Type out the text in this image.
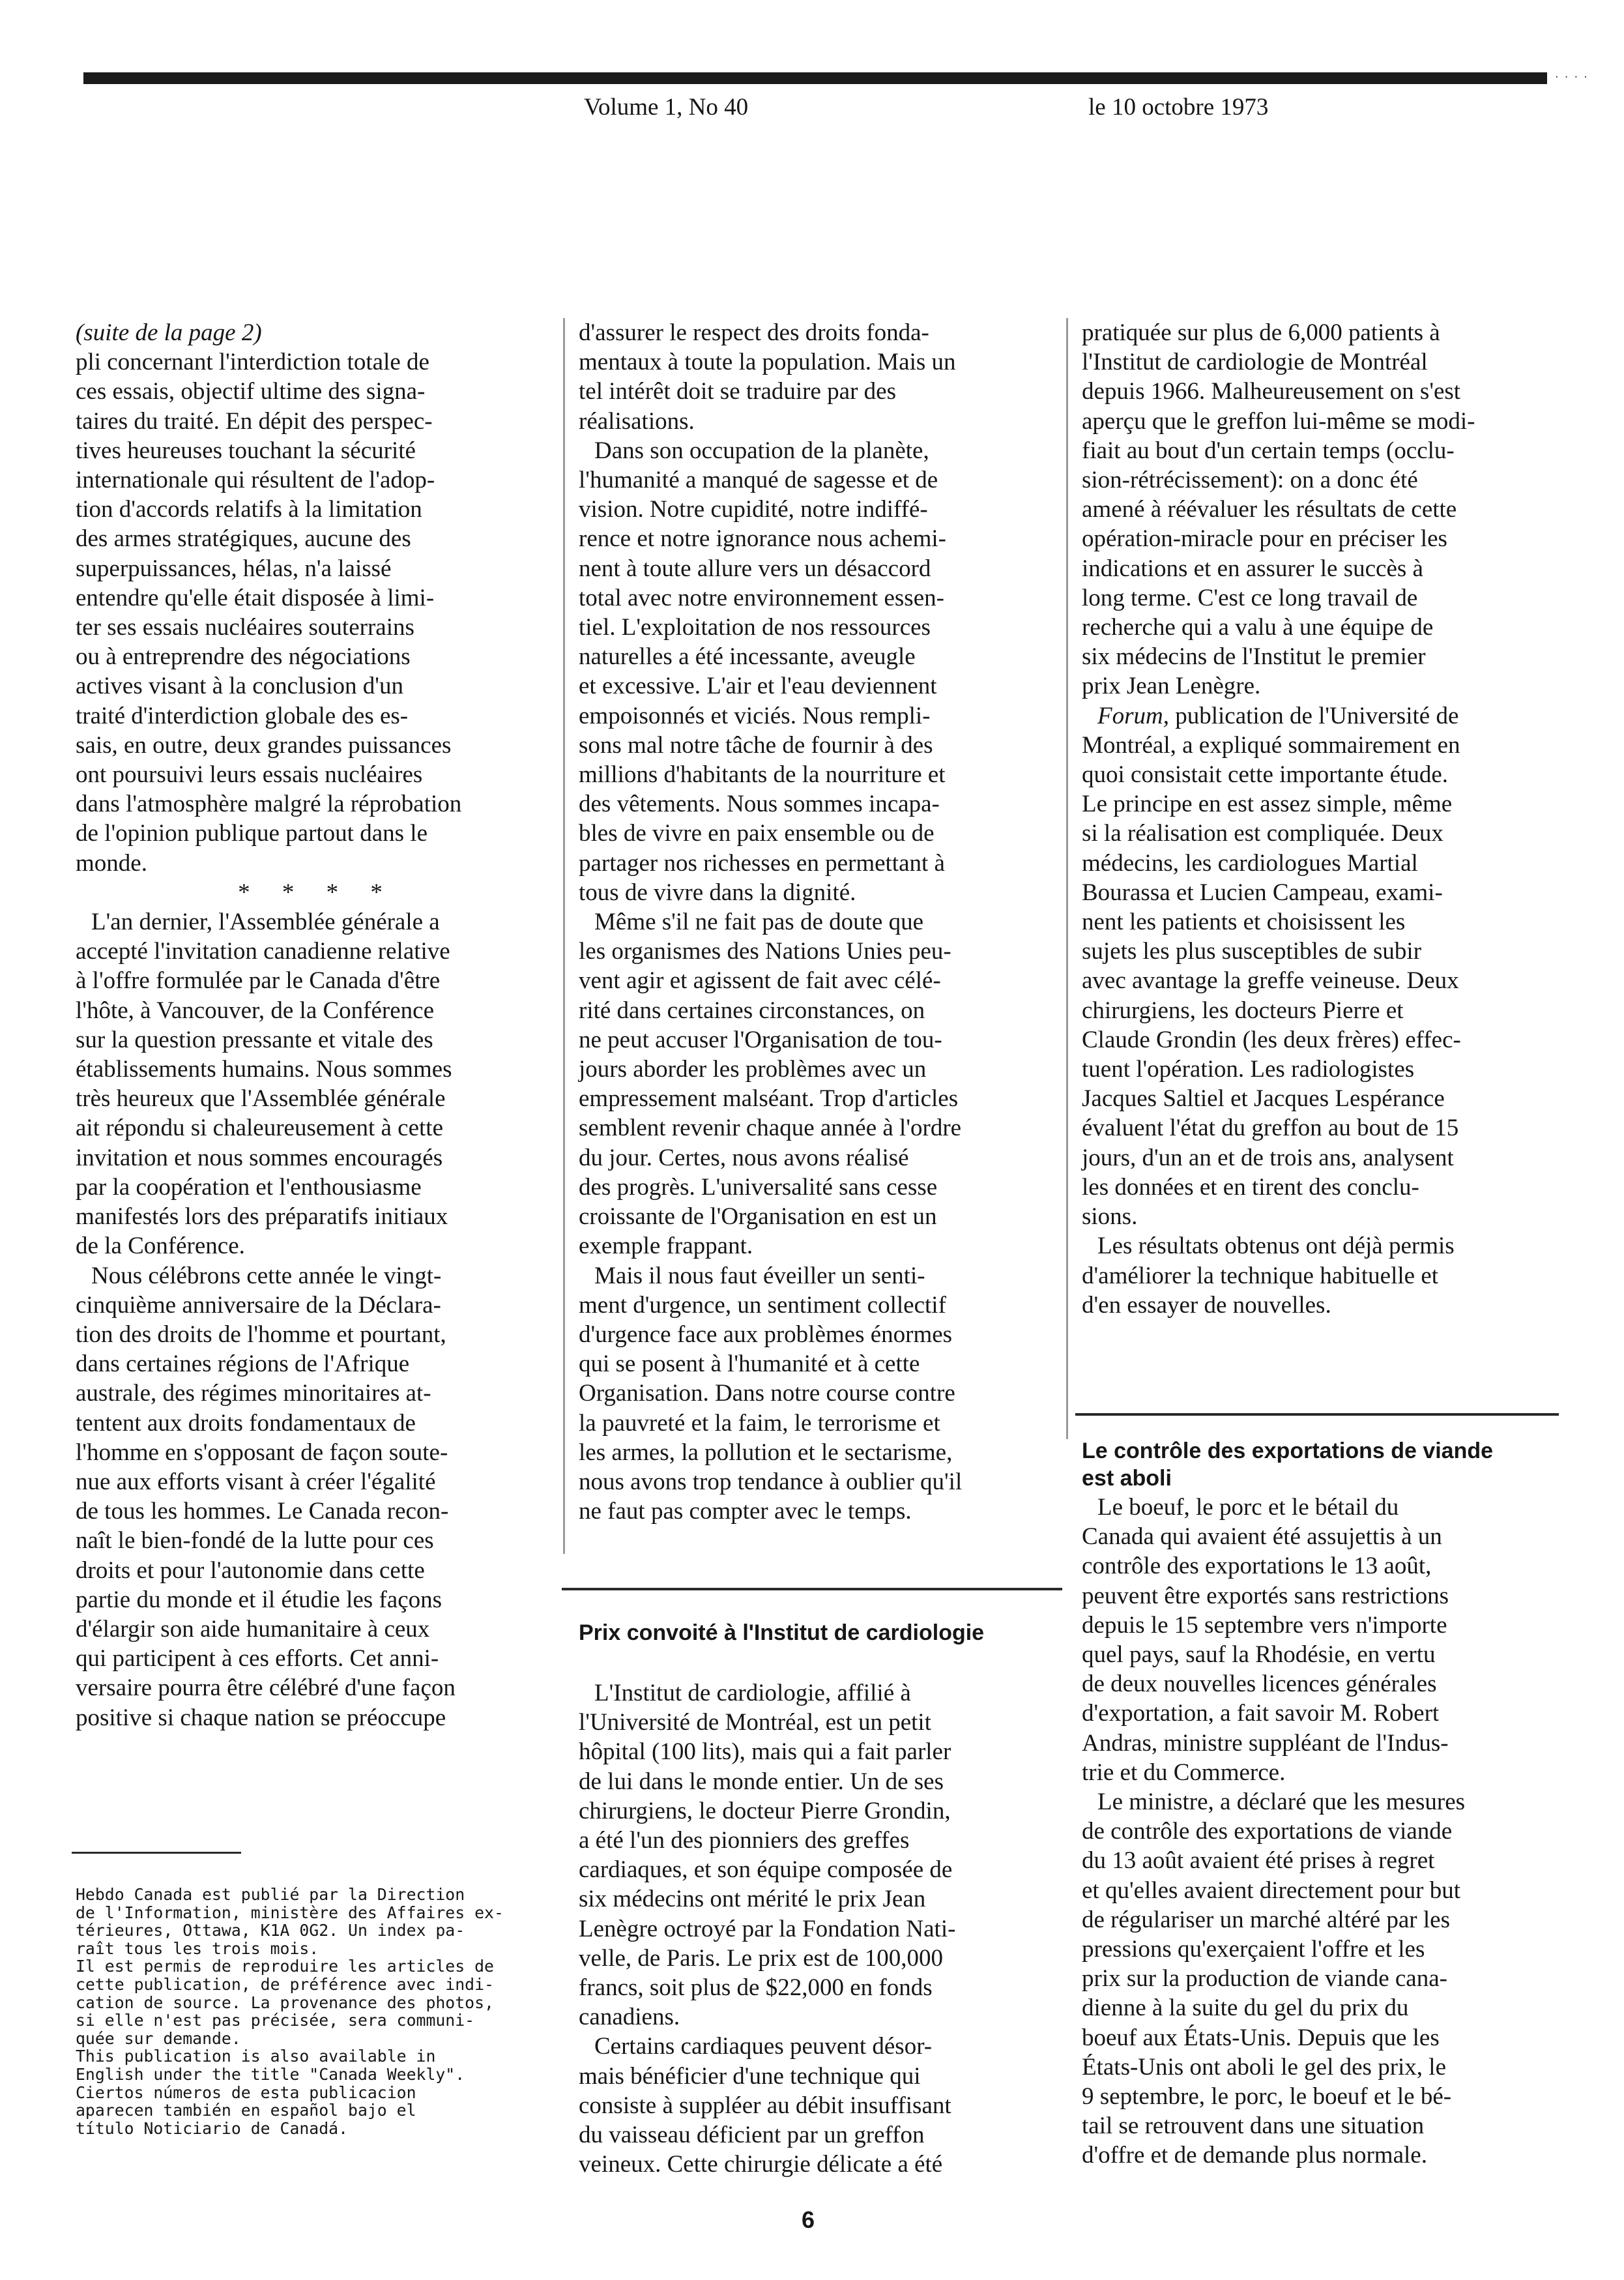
····
Volume 1, No 40	le 10 octobre 1973

(suite de la page 2)

pli concernant l'interdiction totale de

ces essais, objectif ultime des signa-

taires du traité. En dépit des perspec-

tives heureuses touchant la sécurité

internationale qui résultent de l'adop-

tion d'accords relatifs à la limitation

des armes stratégiques, aucune des

superpuissances, hélas, n'a laissé

entendre qu'elle était disposée à limi-

ter ses essais nucléaires souterrains

ou à entreprendre des négociations

actives visant à la conclusion d'un

traité d'interdiction globale des es-

sais, en outre, deux grandes puissances

ont poursuivi leurs essais nucléaires

dans l'atmosphère malgré la réprobation

de l'opinion publique partout dans le

monde.

* * * *

L'an dernier, l'Assemblée générale a

accepté l'invitation canadienne relative

à l'offre formulée par le Canada d'être

l'hôte, à Vancouver, de la Conférence

sur la question pressante et vitale des

établissements humains. Nous sommes

très heureux que l'Assemblée générale

ait répondu si chaleureusement à cette

invitation et nous sommes encouragés

par la coopération et l'enthousiasme

manifestés lors des préparatifs initiaux

de la Conférence.

Nous célébrons cette année le vingt-

cinquième anniversaire de la Déclara-

tion des droits de l'homme et pourtant,

dans certaines régions de l'Afrique

australe, des régimes minoritaires at-

tentent aux droits fondamentaux de

l'homme en s'opposant de façon soute-

nue aux efforts visant à créer l'égalité

de tous les hommes. Le Canada recon-

naît le bien-fondé de la lutte pour ces

droits et pour l'autonomie dans cette

partie du monde et il étudie les façons

d'élargir son aide humanitaire à ceux

qui participent à ces efforts. Cet anni-

versaire pourra être célébré d'une façon

positive si chaque nation se préoccupe

Hebdo Canada est publié par la Direction

de l'Information, ministère des Affaires ex-

térieures, Ottawa, K1A 0G2. Un index pa-

raît tous les trois mois.

Il est permis de reproduire les articles de

cette publication, de préférence avec indi-

cation de source. La provenance des photos,

si elle n'est pas précisée, sera communi-

quée sur demande.

This publication is also available in

English under the title "Canada Weekly".

Ciertos números de esta publicacion

aparecen también en español bajo el

título Noticiario de Canadá.

d'assurer le respect des droits fonda-

mentaux à toute la population. Mais un

tel intérêt doit se traduire par des

réalisations.

Dans son occupation de la planète,

l'humanité a manqué de sagesse et de

vision. Notre cupidité, notre indiffé-

rence et notre ignorance nous achemi-

nent à toute allure vers un désaccord

total avec notre environnement essen-

tiel. L'exploitation de nos ressources

naturelles a été incessante, aveugle

et excessive. L'air et l'eau deviennent

empoisonnés et viciés. Nous rempli-

sons mal notre tâche de fournir à des

millions d'habitants de la nourriture et

des vêtements. Nous sommes incapa-

bles de vivre en paix ensemble ou de

partager nos richesses en permettant à

tous de vivre dans la dignité.

Même s'il ne fait pas de doute que

les organismes des Nations Unies peu-

vent agir et agissent de fait avec célé-

rité dans certaines circonstances, on

ne peut accuser l'Organisation de tou-

jours aborder les problèmes avec un

empressement malséant. Trop d'articles

semblent revenir chaque année à l'ordre

du jour. Certes, nous avons réalisé

des progrès. L'universalité sans cesse

croissante de l'Organisation en est un

exemple frappant.

Mais il nous faut éveiller un senti-

ment d'urgence, un sentiment collectif

d'urgence face aux problèmes énormes

qui se posent à l'humanité et à cette

Organisation. Dans notre course contre

la pauvreté et la faim, le terrorisme et

les armes, la pollution et le sectarisme,

nous avons trop tendance à oublier qu'il

ne faut pas compter avec le temps.

Prix convoité à l'Institut de cardiologie

L'Institut de cardiologie, affilié à

l'Université de Montréal, est un petit

hôpital (100 lits), mais qui a fait parler

de lui dans le monde entier. Un de ses

chirurgiens, le docteur Pierre Grondin,

a été l'un des pionniers des greffes

cardiaques, et son équipe composée de

six médecins ont mérité le prix Jean

Lenègre octroyé par la Fondation Nati-

velle, de Paris. Le prix est de 100,000

francs, soit plus de $22,000 en fonds

canadiens.

Certains cardiaques peuvent désor-

mais bénéficier d'une technique qui

consiste à suppléer au débit insuffisant

du vaisseau déficient par un greffon

veineux. Cette chirurgie délicate a été

pratiquée sur plus de 6,000 patients à

l'Institut de cardiologie de Montréal

depuis 1966. Malheureusement on s'est

aperçu que le greffon lui-même se modi-

fiait au bout d'un certain temps (occlu-

sion-rétrécissement): on a donc été

amené à réévaluer les résultats de cette

opération-miracle pour en préciser les

indications et en assurer le succès à

long terme. C'est ce long travail de

recherche qui a valu à une équipe de

six médecins de l'Institut le premier

prix Jean Lenègre.

Forum, publication de l'Université de

Montréal, a expliqué sommairement en

quoi consistait cette importante étude.

Le principe en est assez simple, même

si la réalisation est compliquée. Deux

médecins, les cardiologues Martial

Bourassa et Lucien Campeau, exami-

nent les patients et choisissent les

sujets les plus susceptibles de subir

avec avantage la greffe veineuse. Deux

chirurgiens, les docteurs Pierre et

Claude Grondin (les deux frères) effec-

tuent l'opération. Les radiologistes

Jacques Saltiel et Jacques Lespérance

évaluent l'état du greffon au bout de 15

jours, d'un an et de trois ans, analysent

les données et en tirent des conclu-

sions.

Les résultats obtenus ont déjà permis

d'améliorer la technique habituelle et

d'en essayer de nouvelles.

Le contrôle des exportations de viande

est aboli

Le boeuf, le porc et le bétail du

Canada qui avaient été assujettis à un

contrôle des exportations le 13 août,

peuvent être exportés sans restrictions

depuis le 15 septembre vers n'importe

quel pays, sauf la Rhodésie, en vertu

de deux nouvelles licences générales

d'exportation, a fait savoir M. Robert

Andras, ministre suppléant de l'Indus-

trie et du Commerce.

Le ministre, a déclaré que les mesures

de contrôle des exportations de viande

du 13 août avaient été prises à regret

et qu'elles avaient directement pour but

de régulariser un marché altéré par les

pressions qu'exerçaient l'offre et les

prix sur la production de viande cana-

dienne à la suite du gel du prix du

boeuf aux États-Unis. Depuis que les

États-Unis ont aboli le gel des prix, le

9 septembre, le porc, le boeuf et le bé-

tail se retrouvent dans une situation

d'offre et de demande plus normale.

6
